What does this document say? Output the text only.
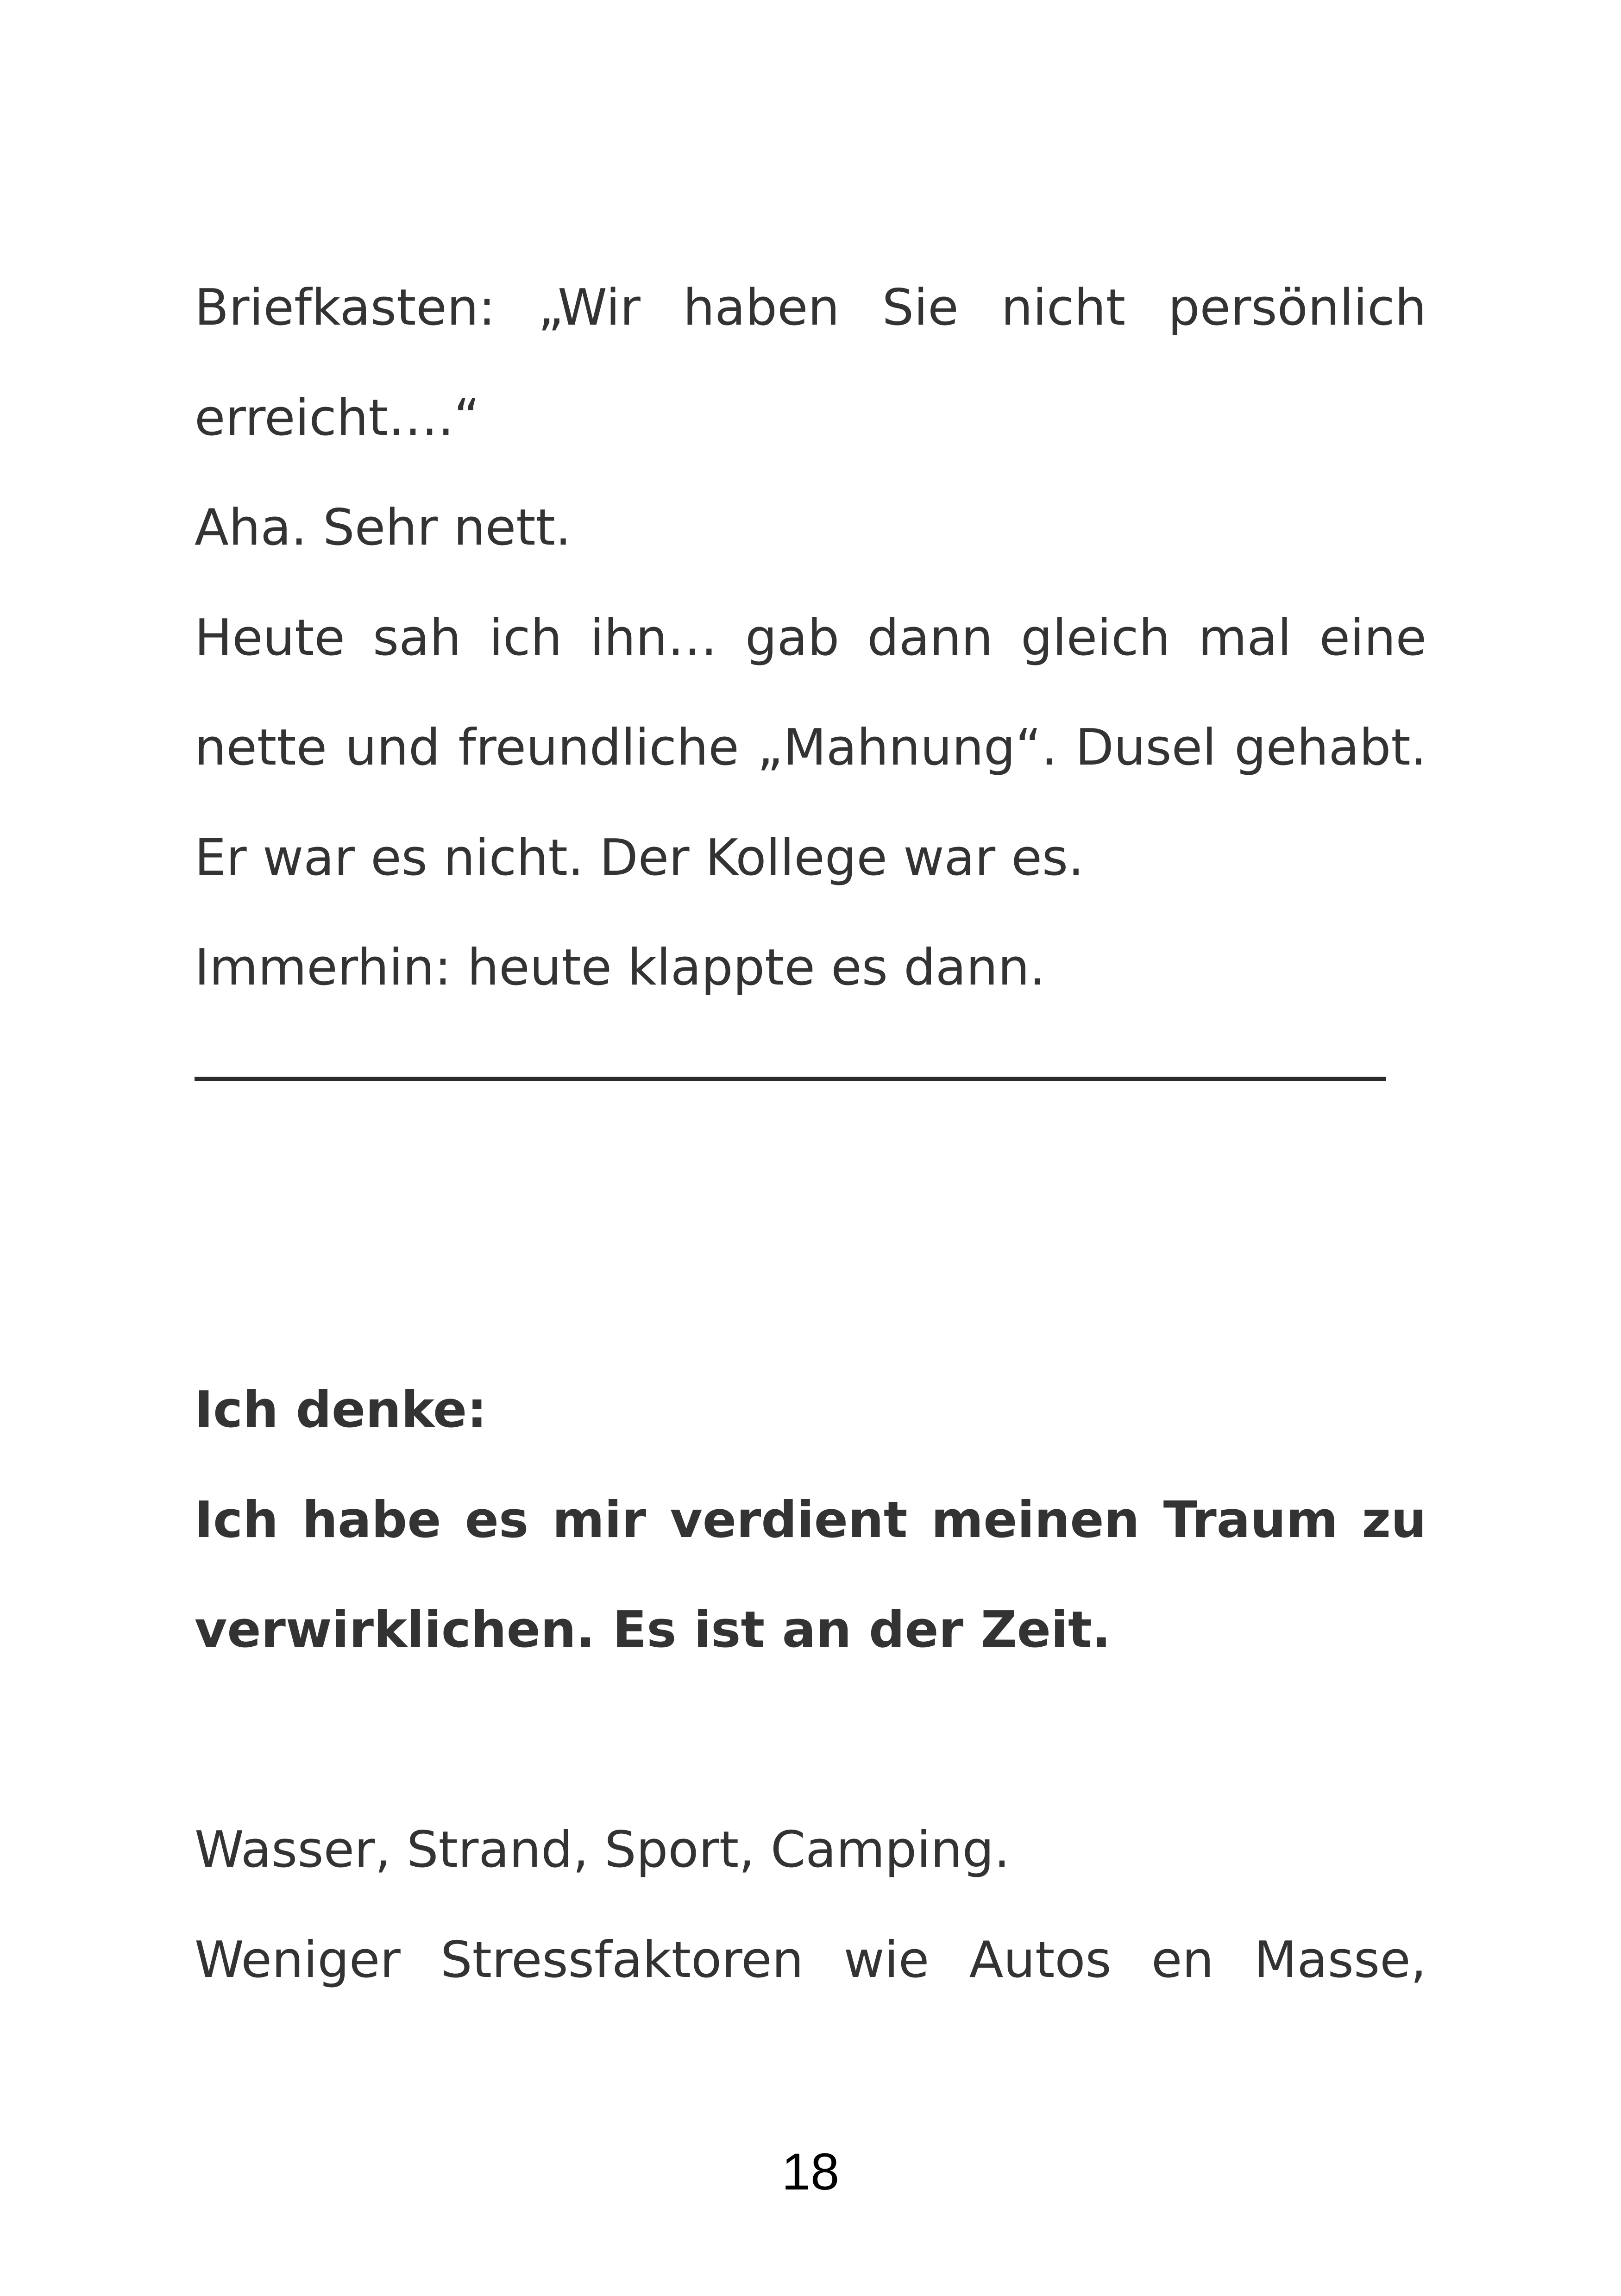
Briefkasten: „Wir haben Sie nicht persönlich
erreicht….“
Aha. Sehr nett.
Heute sah ich ihn… gab dann gleich mal eine
nette und freundliche „Mahnung“. Dusel gehabt.
Er war es nicht. Der Kollege war es.
Immerhin: heute klappte es dann.
Ich denke:
Ich habe es mir verdient meinen Traum zu
verwirklichen. Es ist an der Zeit.
Wasser, Strand, Sport, Camping.
Weniger Stressfaktoren wie Autos en Masse,
18
